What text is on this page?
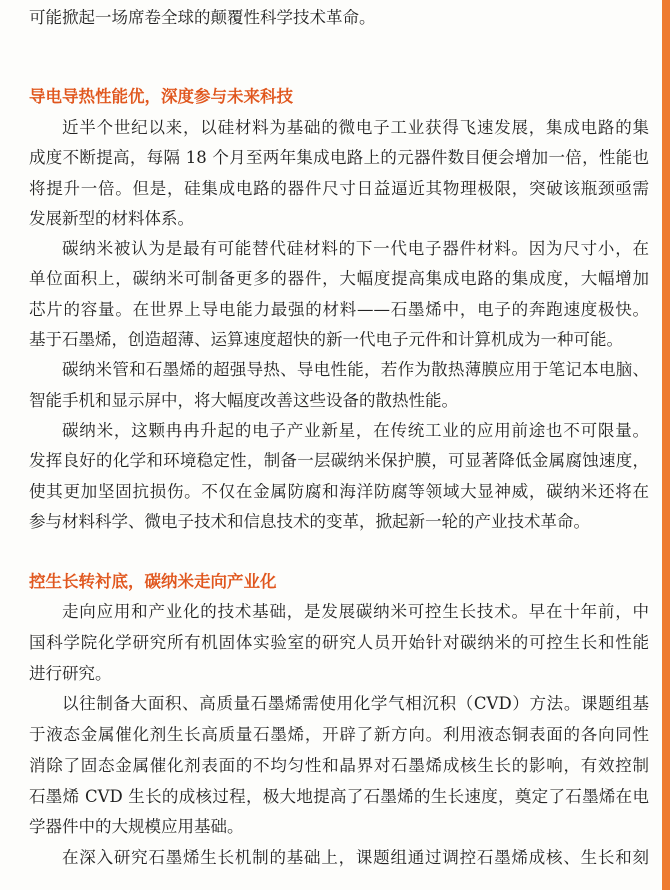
可能掀起一场席卷全球的颠覆性科学技术革命。
导电导热性能优，深度参与未来科技
近半个世纪以来，以硅材料为基础的微电子工业获得飞速发展，集成电路的集
成度不断提高，每隔 18 个月至两年集成电路上的元器件数目便会增加一倍，性能也
将提升一倍。但是，硅集成电路的器件尺寸日益逼近其物理极限，突破该瓶颈亟需
发展新型的材料体系。
碳纳米被认为是最有可能替代硅材料的下一代电子器件材料。因为尺寸小，在
单位面积上，碳纳米可制备更多的器件，大幅度提高集成电路的集成度，大幅增加
芯片的容量。在世界上导电能力最强的材料——石墨烯中，电子的奔跑速度极快。
基于石墨烯，创造超薄、运算速度超快的新一代电子元件和计算机成为一种可能。
碳纳米管和石墨烯的超强导热、导电性能，若作为散热薄膜应用于笔记本电脑、
智能手机和显示屏中，将大幅度改善这些设备的散热性能。
碳纳米，这颗冉冉升起的电子产业新星，在传统工业的应用前途也不可限量。
发挥良好的化学和环境稳定性，制备一层碳纳米保护膜，可显著降低金属腐蚀速度，
使其更加坚固抗损伤。不仅在金属防腐和海洋防腐等领域大显神威，碳纳米还将在
参与材料科学、微电子技术和信息技术的变革，掀起新一轮的产业技术革命。
控生长转衬底，碳纳米走向产业化
走向应用和产业化的技术基础，是发展碳纳米可控生长技术。早在十年前，中
国科学院化学研究所有机固体实验室的研究人员开始针对碳纳米的可控生长和性能
进行研究。
以往制备大面积、高质量石墨烯需使用化学气相沉积（CVD）方法。课题组基
于液态金属催化剂生长高质量石墨烯，开辟了新方向。利用液态铜表面的各向同性
消除了固态金属催化剂表面的不均匀性和晶界对石墨烯成核生长的影响，有效控制
石墨烯 CVD 生长的成核过程，极大地提高了石墨烯的生长速度，奠定了石墨烯在电
学器件中的大规模应用基础。
在深入研究石墨烯生长机制的基础上，课题组通过调控石墨烯成核、生长和刻
